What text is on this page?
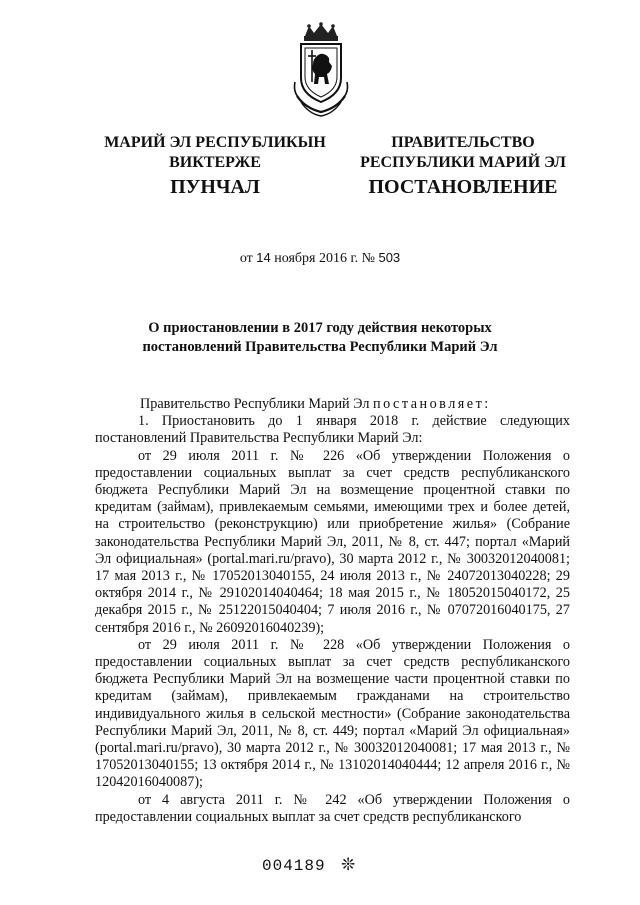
МАРИЙ ЭЛ РЕСПУБЛИКЫН
ВИКТЕРЖЕ
ПРАВИТЕЛЬСТВО
РЕСПУБЛИКИ МАРИЙ ЭЛ
ПУНЧАЛ	ПОСТАНОВЛЕНИЕ
от 14 ноября 2016 г. № 503
О приостановлении в 2017 году действия некоторых
постановлений Правительства Республики Марий Эл

Правительство Республики Марий Эл постановляет:

1. Приостановить до 1 января 2018 г. действие следующих постановлений Правительства Республики Марий Эл:

от 29 июля 2011 г. № 226 «Об утверждении Положения о предоставлении социальных выплат за счет средств республиканского бюджета Республики Марий Эл на возмещение процентной ставки по кредитам (займам), привлекаемым семьями, имеющими трех и более детей, на строительство (реконструкцию) или приобретение жилья» (Собрание законодательства Республики Марий Эл, 2011, № 8, ст. 447; портал «Марий Эл официальная» (portal.mari.ru/pravo), 30 марта 2012 г., № 30032012040081; 17 мая 2013 г., № 17052013040155, 24 июля 2013 г., № 24072013040228; 29 октября 2014 г., № 29102014040464; 18 мая 2015 г., № 18052015040172, 25 декабря 2015 г., № 25122015040404; 7 июля 2016 г., № 07072016040175, 27 сентября 2016 г., № 26092016040239);

от 29 июля 2011 г. № 228 «Об утверждении Положения о предоставлении социальных выплат за счет средств республиканского бюджета Республики Марий Эл на возмещение части процентной ставки по кредитам (займам), привлекаемым гражданами на строительство индивидуального жилья в сельской местности» (Собрание законодательства Республики Марий Эл, 2011, № 8, ст. 449; портал «Марий Эл официальная» (portal.mari.ru/pravo), 30 марта 2012 г., № 30032012040081; 17 мая 2013 г., № 17052013040155; 13 октября 2014 г., № 13102014040444; 12 апреля 2016 г., № 12042016040087);

от 4 августа 2011 г. № 242 «Об утверждении Положения о предоставлении социальных выплат за счет средств республиканского

004189 ❊
